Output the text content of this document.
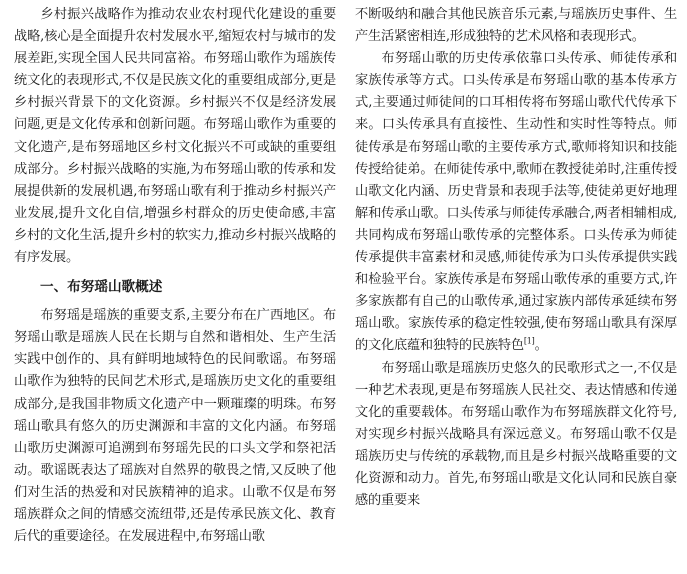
乡村振兴战略作为推动农业农村现代化建设的重要战略,核心是全面提升农村发展水平,缩短农村与城市的发展差距,实现全国人民共同富裕。布努瑶山歌作为瑶族传统文化的表现形式,不仅是民族文化的重要组成部分,更是乡村振兴背景下的文化资源。乡村振兴不仅是经济发展问题,更是文化传承和创新问题。布努瑶山歌作为重要的文化遗产,是布努瑶地区乡村文化振兴不可或缺的重要组成部分。乡村振兴战略的实施,为布努瑶山歌的传承和发展提供新的发展机遇,布努瑶山歌有利于推动乡村振兴产业发展,提升文化自信,增强乡村群众的历史使命感,丰富乡村的文化生活,提升乡村的软实力,推动乡村振兴战略的有序发展。

一、布努瑶山歌概述

布努瑶是瑶族的重要支系,主要分布在广西地区。布努瑶山歌是瑶族人民在长期与自然和谐相处、生产生活实践中创作的、具有鲜明地域特色的民间歌谣。布努瑶山歌作为独特的民间艺术形式,是瑶族历史文化的重要组成部分,是我国非物质文化遗产中一颗璀璨的明珠。布努瑶山歌具有悠久的历史渊源和丰富的文化内涵。布努瑶山歌历史渊源可追溯到布努瑶先民的口头文学和祭祀活动。歌谣既表达了瑶族对自然界的敬畏之情,又反映了他们对生活的热爱和对民族精神的追求。山歌不仅是布努瑶族群众之间的情感交流纽带,还是传承民族文化、教育后代的重要途径。在发展进程中,布努瑶山歌

不断吸纳和融合其他民族音乐元素,与瑶族历史事件、生产生活紧密相连,形成独特的艺术风格和表现形式。

布努瑶山歌的历史传承依靠口头传承、师徒传承和家族传承等方式。口头传承是布努瑶山歌的基本传承方式,主要通过师徒间的口耳相传将布努瑶山歌代代传承下来。口头传承具有直接性、生动性和实时性等特点。师徒传承是布努瑶山歌的主要传承方式,歌师将知识和技能传授给徒弟。在师徒传承中,歌师在教授徒弟时,注重传授山歌文化内涵、历史背景和表现手法等,使徒弟更好地理解和传承山歌。口头传承与师徒传承融合,两者相辅相成,共同构成布努瑶山歌传承的完整体系。口头传承为师徒传承提供丰富素材和灵感,师徒传承为口头传承提供实践和检验平台。家族传承是布努瑶山歌传承的重要方式,许多家族都有自己的山歌传承,通过家族内部传承延续布努瑶山歌。家族传承的稳定性较强,使布努瑶山歌具有深厚的文化底蕴和独特的民族特色[1]。

布努瑶山歌是瑶族历史悠久的民歌形式之一,不仅是一种艺术表现,更是布努瑶族人民社交、表达情感和传递文化的重要载体。布努瑶山歌作为布努瑶族群文化符号,对实现乡村振兴战略具有深远意义。布努瑶山歌不仅是瑶族历史与传统的承载物,而且是乡村振兴战略重要的文化资源和动力。首先,布努瑶山歌是文化认同和民族自豪感的重要来
